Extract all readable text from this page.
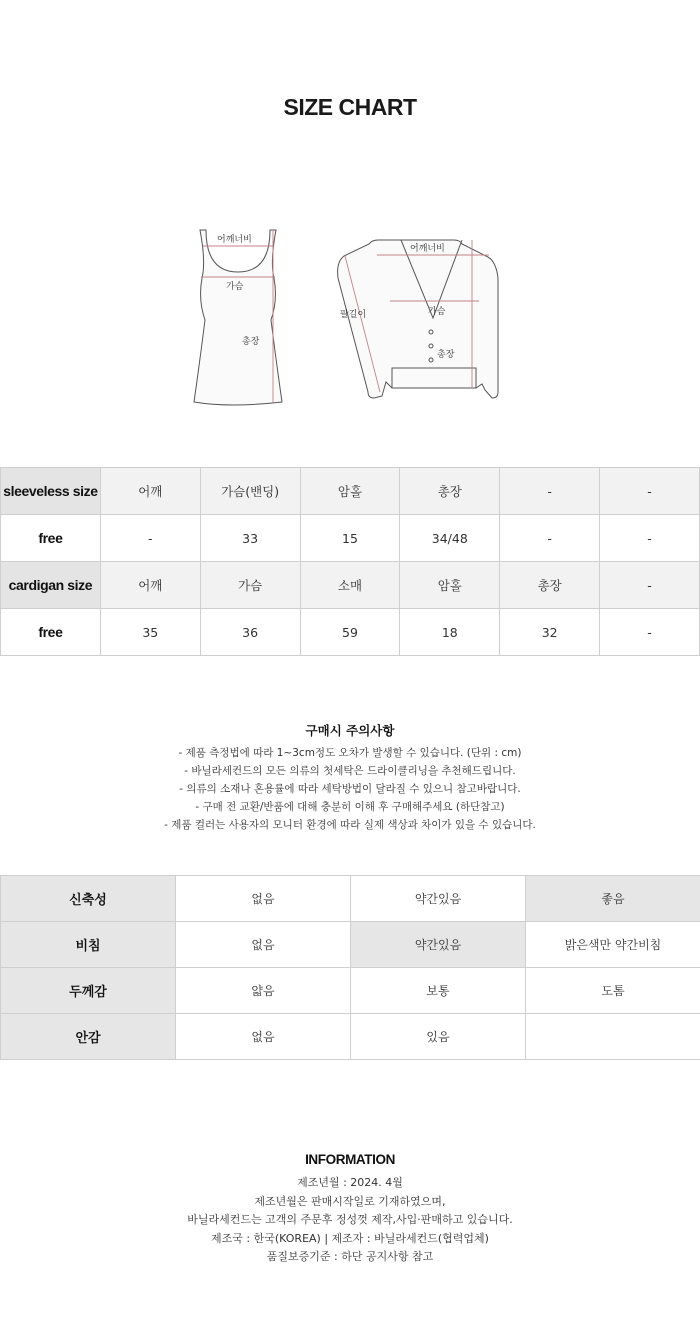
SIZE CHART
어깨너비
가슴
총장
어깨너비
팔길이	가슴
총장
sleeveless size	어깨	가슴(밴딩)	암홀	총장	-	-
free	-	33	15	34/48	-	-
cardigan size	어깨	가슴	소매	암홀	총장	-
free	35	36	59	18	32	-
구매시 주의사항
- 제품 측정법에 따라 1~3cm정도 오차가 발생할 수 있습니다. (단위 : cm)
- 바닐라세컨드의 모든 의류의 첫세탁은 드라이클리닝을 추천해드립니다.
- 의류의 소재나 혼용률에 따라 세탁방법이 달라질 수 있으니 참고바랍니다.
- 구매 전 교환/반품에 대해 충분히 이해 후 구매해주세요 (하단참고)
- 제품 컬러는 사용자의 모니터 환경에 따라 실제 색상과 차이가 있을 수 있습니다.
신축성	없음	약간있음	좋음
비침	없음	약간있음	밝은색만 약간비침
두께감	얇음	보통	도톰
안감	없음	있음	
INFORMATION
제조년월 : 2024. 4월
제조년월은 판매시작일로 기재하였으며,
바닐라세컨드는 고객의 주문후 정성껏 제작,사입·판매하고 있습니다.
제조국 : 한국(KOREA) | 제조자 : 바닐라세컨드(협력업체)
품질보증기준 : 하단 공지사항 참고
